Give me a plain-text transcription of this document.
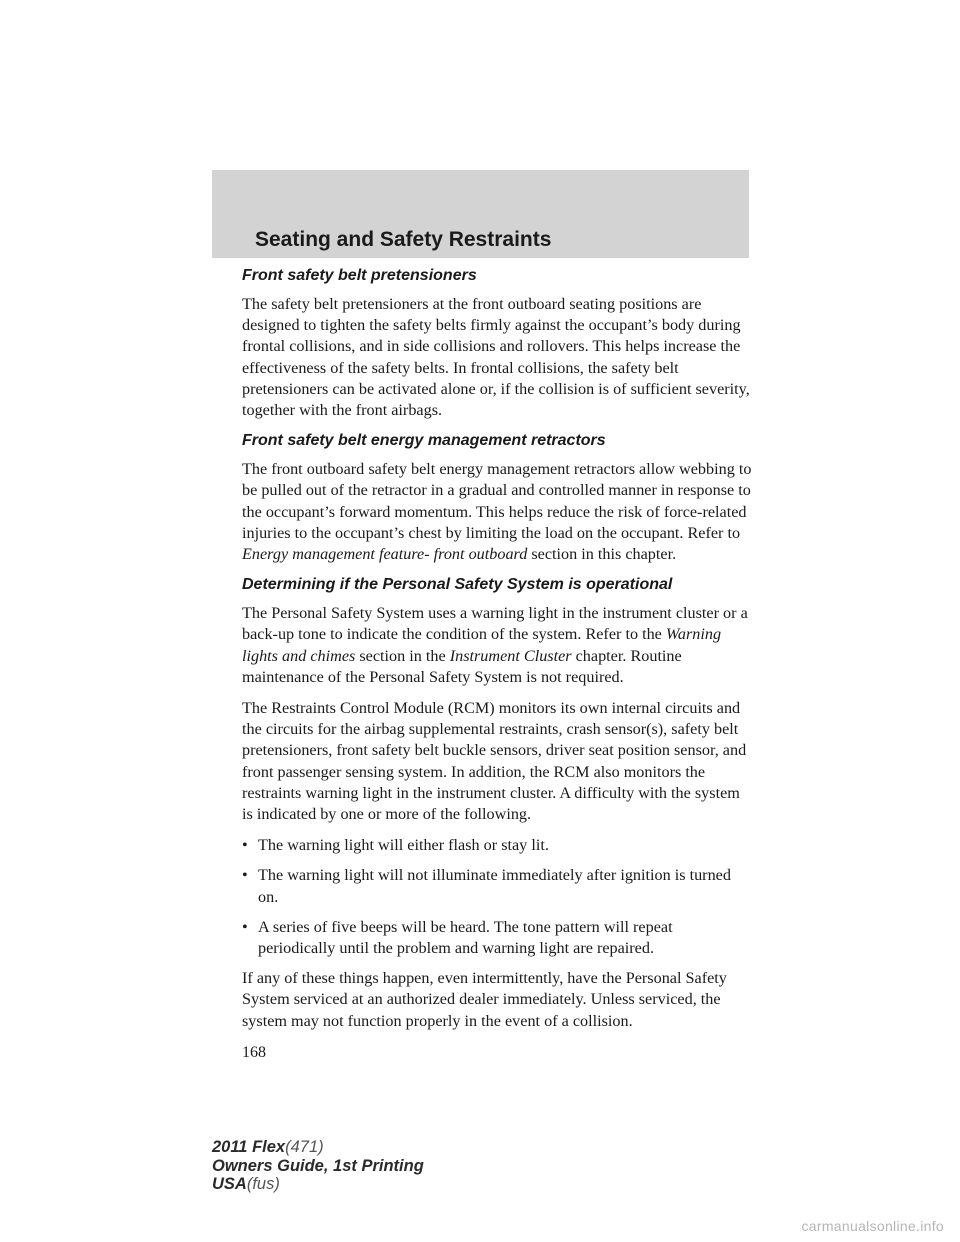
Seating and Safety Restraints
Front safety belt pretensioners

The safety belt pretensioners at the front outboard seating positions are designed to tighten the safety belts firmly against the occupant’s body during frontal collisions, and in side collisions and rollovers. This helps increase the effectiveness of the safety belts. In frontal collisions, the safety belt pretensioners can be activated alone or, if the collision is of sufficient severity, together with the front airbags.

Front safety belt energy management retractors

The front outboard safety belt energy management retractors allow webbing to be pulled out of the retractor in a gradual and controlled manner in response to the occupant’s forward momentum. This helps reduce the risk of force-related injuries to the occupant’s chest by limiting the load on the occupant. Refer to Energy management feature- front outboard section in this chapter.

Determining if the Personal Safety System is operational

The Personal Safety System uses a warning light in the instrument cluster or a back-up tone to indicate the condition of the system. Refer to the Warning lights and chimes section in the Instrument Cluster chapter. Routine maintenance of the Personal Safety System is not required.

The Restraints Control Module (RCM) monitors its own internal circuits and the circuits for the airbag supplemental restraints, crash sensor(s), safety belt pretensioners, front safety belt buckle sensors, driver seat position sensor, and front passenger sensing system. In addition, the RCM also monitors the restraints warning light in the instrument cluster. A difficulty with the system is indicated by one or more of the following.

• The warning light will either flash or stay lit.
• The warning light will not illuminate immediately after ignition is turned on.
• A series of five beeps will be heard. The tone pattern will repeat periodically until the problem and warning light are repaired.

If any of these things happen, even intermittently, have the Personal Safety System serviced at an authorized dealer immediately. Unless serviced, the system may not function properly in the event of a collision.

168
2011 Flex(471)
Owners Guide, 1st Printing
USA(fus)
carmanualsonline.info
